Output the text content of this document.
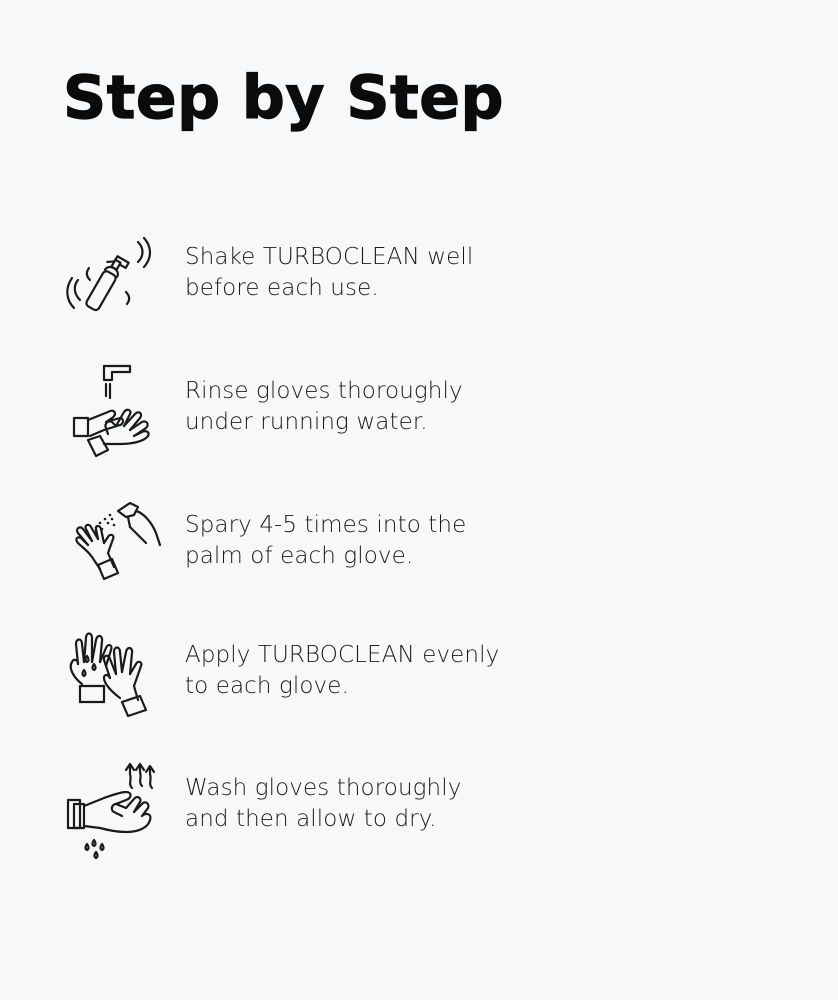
Step by Step
Shake TURBOCLEAN well
before each use.
Rinse gloves thoroughly
under running water.
Spary 4-5 times into the
palm of each glove.
Apply TURBOCLEAN evenly
to each glove.
Wash gloves thoroughly
and then allow to dry.
